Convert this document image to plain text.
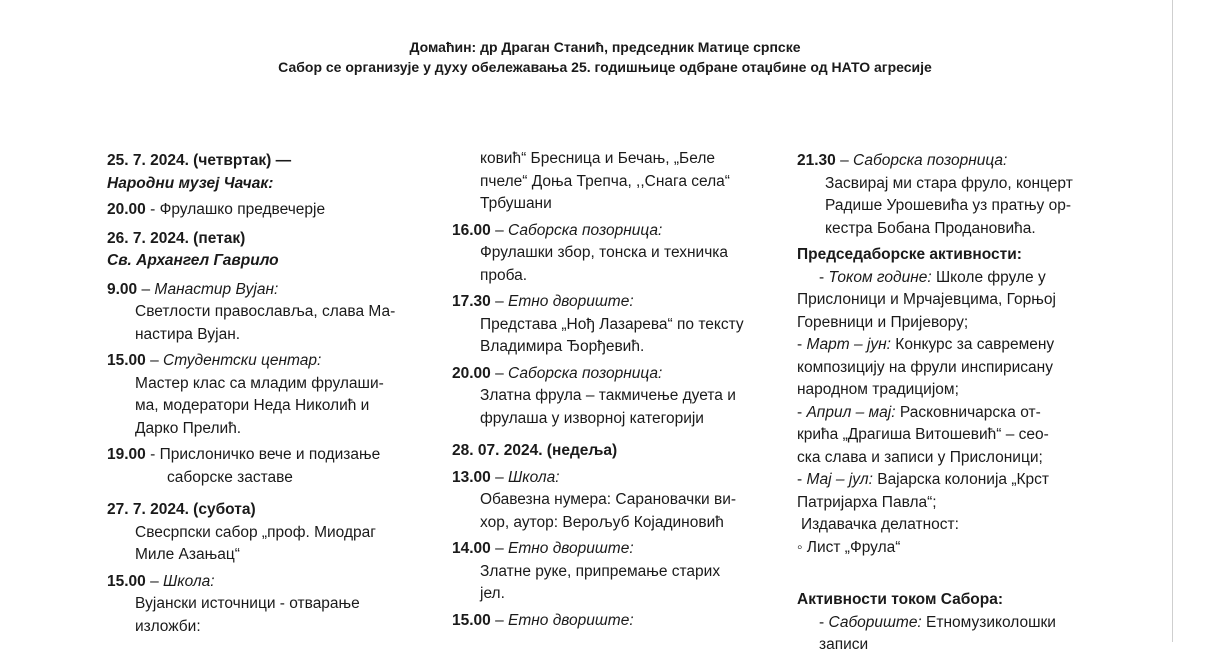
Домаћин: др Драган Станић, председник Матице српске
Сабор се организује у духу обележавања 25. годишњице одбране отаџбине од НАТО агресије
25. 7. 2024. (четвртак) —
Народни музеј Чачак:
20.00 - Фрулашко предвечерје
26. 7. 2024. (петак)
Св. Архангел Гаврило
9.00 – Манастир Вујан:
Светлости православља, слава Ма-
настира Вујан.
15.00 – Студентски центар:
Мастер клас са младим фрулаши-
ма, модератори Неда Николић и
Дарко Прелић.
19.00 - Прислоничко вече и подизање
саборске заставе
27. 7. 2024. (субота)
Свесрпски сабор „проф. Миодраг
Миле Азањац“
15.00 – Школа:
Вујански источници - отварање
изложби:
ковић“ Бресница и Бечањ, „Беле
пчеле“ Доња Трепча, ,,Снага села“
Трбушани
16.00 – Саборска позорница:
Фрулашки збор, тонска и техничка
проба.
17.30 – Етно двориште:
Представа „Нођ Лазарева“ по тексту
Владимира Ђорђевић.
20.00 – Саборска позорница:
Златна фрула – такмичење дуета и
фрулаша у изворној категорији
28. 07. 2024. (недеља)
13.00 – Школа:
Обавезна нумера: Сарановачки ви-
хор, аутор: Верољуб Којадиновић
14.00 – Етно двориште:
Златне руке, припремање старих
јел.
15.00 – Етно двориште:
21.30 – Саборска позорница:
Засвирај ми стара фрулo, концерт
Радише Урошевића уз пратњу ор-
кестра Бобана Продановића.
Председаборске активности:
- Током године: Школе фруле у
Прислоници и Мрчајевцима, Горњој
Горевници и Пријевору;
- Март – јун: Конкурс за савремену
композицију на фрули инспирисану
народном традицијом;
- Април – мај: Расковничарска от-
крића „Драгиша Витошевић“ – сео-
ска слава и записи у Прислоници;
- Мај – јул: Ваjарска колонија „Крст
Патријарха Павла“;
Издавачка делатност:
◦ Лист „Фрула“
Активности током Сабора:
- Сабориште: Етномузиколошки
записи
